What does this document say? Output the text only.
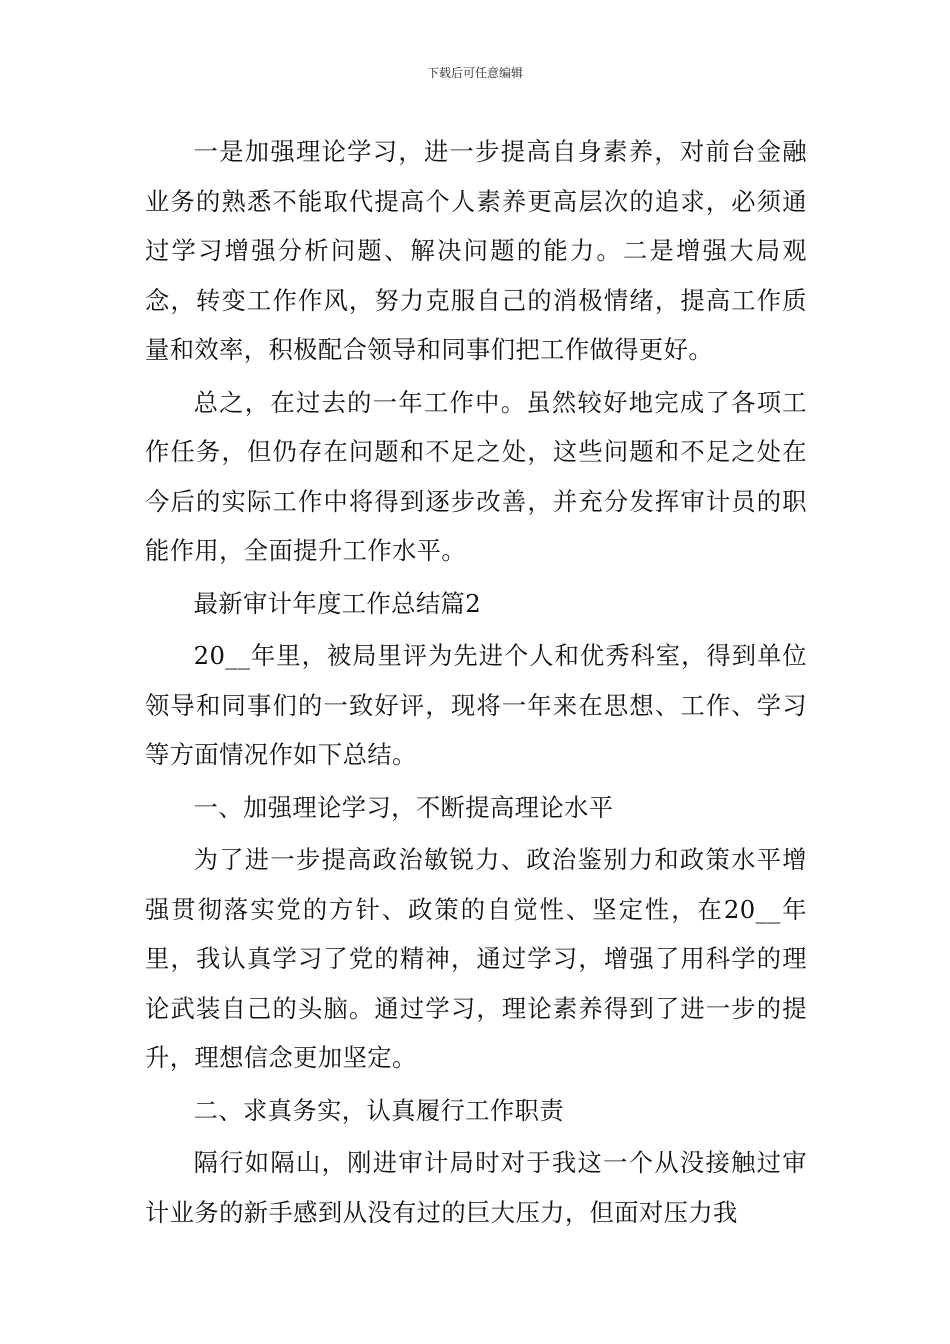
下载后可任意编辑

一是加强理论学习，进一步提高自身素养，对前台金融业务的熟悉不能取代提高个人素养更高层次的追求，必须通过学习增强分析问题、解决问题的能力。二是增强大局观念，转变工作作风，努力克服自己的消极情绪，提高工作质量和效率，积极配合领导和同事们把工作做得更好。

总之，在过去的一年工作中。虽然较好地完成了各项工作任务，但仍存在问题和不足之处，这些问题和不足之处在今后的实际工作中将得到逐步改善，并充分发挥审计员的职能作用，全面提升工作水平。

最新审计年度工作总结篇2

20__年里，被局里评为先进个人和优秀科室，得到单位领导和同事们的一致好评，现将一年来在思想、工作、学习等方面情况作如下总结。

一、加强理论学习，不断提高理论水平

为了进一步提高政治敏锐力、政治鉴别力和政策水平增强贯彻落实党的方针、政策的自觉性、坚定性，在20__年里，我认真学习了党的精神，通过学习，增强了用科学的理论武装自己的头脑。通过学习，理论素养得到了进一步的提升，理想信念更加坚定。

二、求真务实，认真履行工作职责

隔行如隔山，刚进审计局时对于我这一个从没接触过审计业务的新手感到从没有过的巨大压力，但面对压力我
